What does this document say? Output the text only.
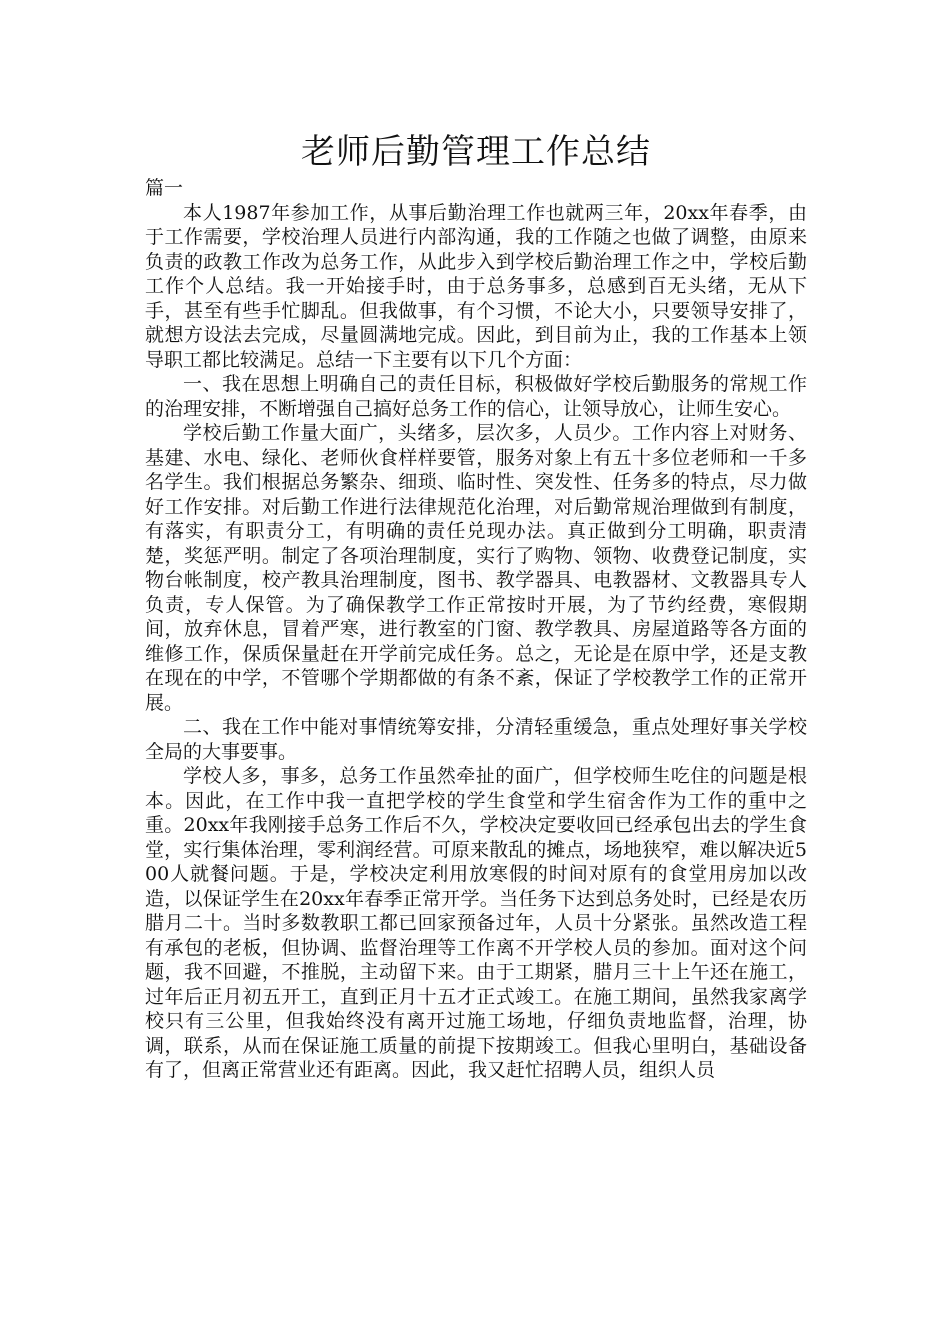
老师后勤管理工作总结

篇一

本人1987年参加工作，从事后勤治理工作也就两三年，20xx年春季，由于工作需要，学校治理人员进行内部沟通，我的工作随之也做了调整，由原来负责的政教工作改为总务工作，从此步入到学校后勤治理工作之中，学校后勤工作个人总结。我一开始接手时，由于总务事多，总感到百无头绪，无从下手，甚至有些手忙脚乱。但我做事，有个习惯，不论大小，只要领导安排了，就想方设法去完成，尽量圆满地完成。因此，到目前为止，我的工作基本上领导职工都比较满足。总结一下主要有以下几个方面：

一、我在思想上明确自己的责任目标，积极做好学校后勤服务的常规工作的治理安排，不断增强自己搞好总务工作的信心，让领导放心，让师生安心。

学校后勤工作量大面广，头绪多，层次多，人员少。工作内容上对财务、基建、水电、绿化、老师伙食样样要管，服务对象上有五十多位老师和一千多名学生。我们根据总务繁杂、细琐、临时性、突发性、任务多的特点，尽力做好工作安排。对后勤工作进行法律规范化治理，对后勤常规治理做到有制度，有落实，有职责分工，有明确的责任兑现办法。真正做到分工明确，职责清楚，奖惩严明。制定了各项治理制度，实行了购物、领物、收费登记制度，实物台帐制度，校产教具治理制度，图书、教学器具、电教器材、文教器具专人负责，专人保管。为了确保教学工作正常按时开展，为了节约经费，寒假期间，放弃休息，冒着严寒，进行教室的门窗、教学教具、房屋道路等各方面的维修工作，保质保量赶在开学前完成任务。总之，无论是在原中学，还是支教在现在的中学，不管哪个学期都做的有条不紊，保证了学校教学工作的正常开展。

二、我在工作中能对事情统筹安排，分清轻重缓急，重点处理好事关学校全局的大事要事。

学校人多，事多，总务工作虽然牵扯的面广，但学校师生吃住的问题是根本。因此，在工作中我一直把学校的学生食堂和学生宿舍作为工作的重中之重。20xx年我刚接手总务工作后不久，学校决定要收回已经承包出去的学生食堂，实行集体治理，零利润经营。可原来散乱的摊点，场地狭窄，难以解决近500人就餐问题。于是，学校决定利用放寒假的时间对原有的食堂用房加以改造，以保证学生在20xx年春季正常开学。当任务下达到总务处时，已经是农历腊月二十。当时多数教职工都已回家预备过年，人员十分紧张。虽然改造工程有承包的老板，但协调、监督治理等工作离不开学校人员的参加。面对这个问题，我不回避，不推脱，主动留下来。由于工期紧，腊月三十上午还在施工，过年后正月初五开工，直到正月十五才正式竣工。在施工期间，虽然我家离学校只有三公里，但我始终没有离开过施工场地，仔细负责地监督，治理，协调，联系，从而在保证施工质量的前提下按期竣工。但我心里明白，基础设备有了，但离正常营业还有距离。因此，我又赶忙招聘人员，组织人员
